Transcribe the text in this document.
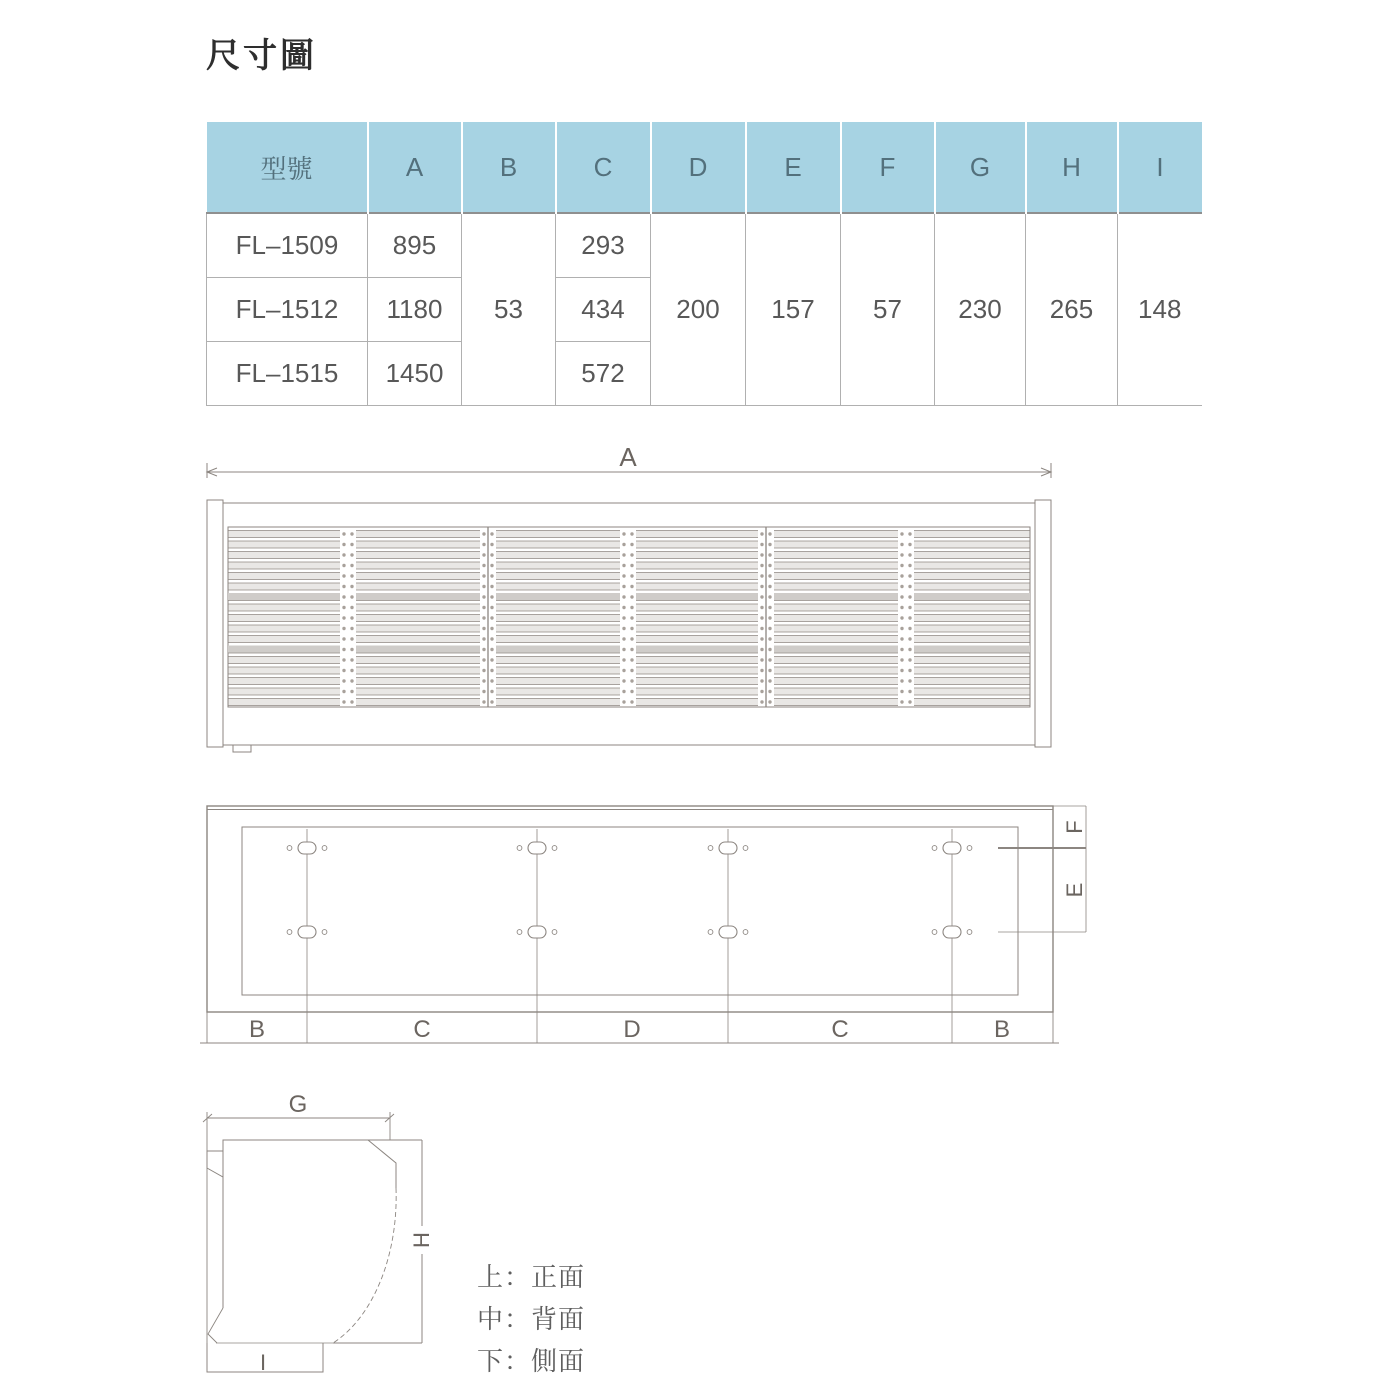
尺寸圖
型號	A	B	C	D	E	F	G	H	I
FL–1509	895	53	293	200	157	57	230	265	148
FL–1512	1180		434						
FL–1515	1450		572						
A
F
E
B	C	D	C	B
G
H
I
上：正面
中：背面
下：側面
